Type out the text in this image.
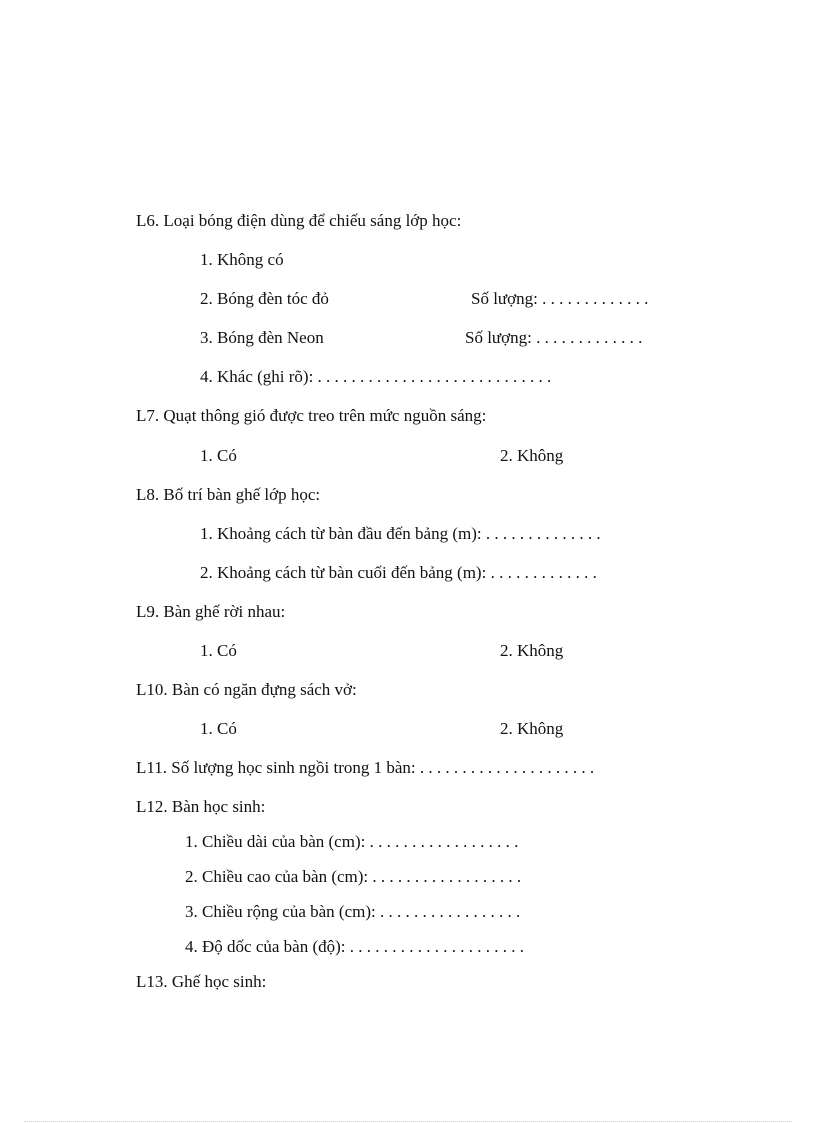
L6. Loại bóng điện dùng để chiếu sáng lớp học:
1. Không có
2. Bóng đèn tóc đỏ	Số lượng: . . . . . . . . . . . . .
3. Bóng đèn Neon	Số lượng: . . . . . . . . . . . . .
4. Khác (ghi rõ): . . . . . . . . . . . . . . . . . . . . . . . . . . . .
L7. Quạt thông gió được treo trên mức nguồn sáng:
1. Có	2. Không
L8. Bố trí bàn ghế lớp học:
1. Khoảng cách từ bàn đầu đến bảng (m): . . . . . . . . . . . . . .
2. Khoảng cách từ bàn cuối đến bảng (m): . . . . . . . . . . . . .
L9. Bàn ghế rời nhau:
1. Có	2. Không
L10. Bàn có ngăn đựng sách vở:
1. Có	2. Không
L11. Số lượng học sinh ngồi trong 1 bàn: . . . . . . . . . . . . . . . . . . . . .
L12. Bàn học sinh:
1. Chiều dài của bàn (cm): . . . . . . . . . . . . . . . . . .
2. Chiều cao của bàn (cm): . . . . . . . . . . . . . . . . . .
3. Chiều rộng của bàn (cm): . . . . . . . . . . . . . . . . .
4. Độ dốc của bàn (độ): . . . . . . . . . . . . . . . . . . . . .
L13. Ghế học sinh:
